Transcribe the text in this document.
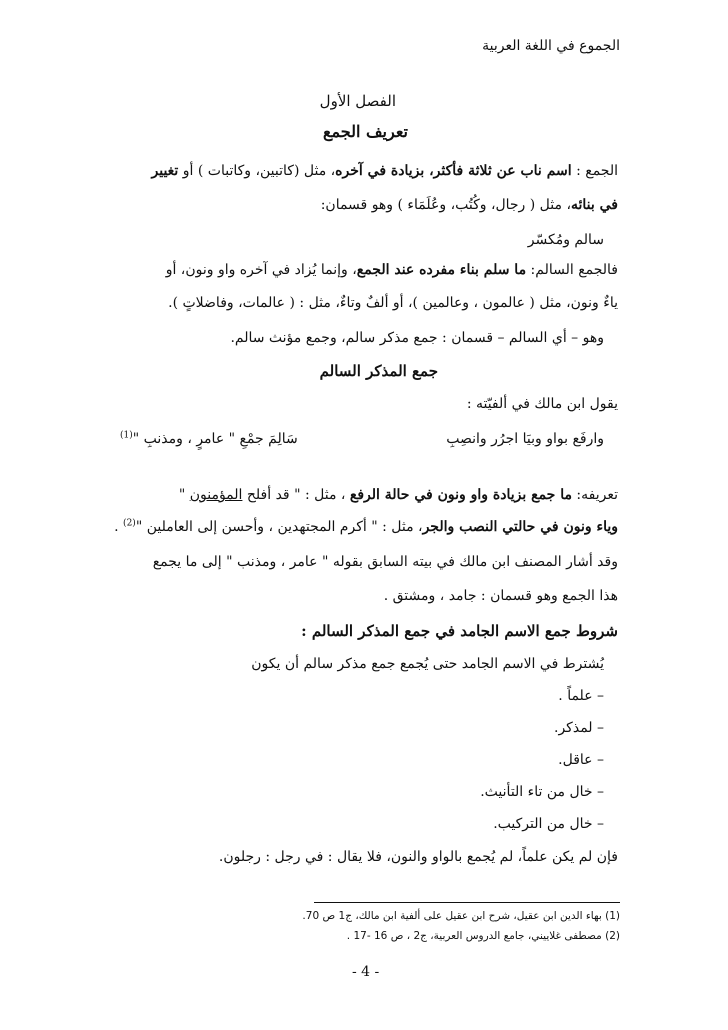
الجموع في اللغة العربية
الفصل الأول
تعريف الجمع
الجمع : اسم ناب عن ثلاثة فأكثر، بزيادة في آخره، مثل (كاتبين، وكاتبات ) أو تغيير
في بنائه، مثل ( رجال، وكُتُب، وعُلَمَاء ) وهو قسمان:
سالم ومُكسّر
فالجمع السالم: ما سلم بناء مفرده عند الجمع، وإنما يُزاد في آخره واو ونون، أو
ياءٌ ونون، مثل ( عالمون ، وعالمين )، أو ألفٌ وتاءٌ، مثل : ( عالمات، وفاضلاتٍ ).
وهو – أي السالم – قسمان : جمع مذكر سالم، وجمع مؤنث سالم.
جمع المذكر السالم
يقول ابن مالك في ألفيّته :
وارفَع بواو وبيَا اجرُر وانصِبِ
سَالِمَ جمْعِ " عامرٍ ، ومذنبِ "$^{(1)}$
تعريفه: ما جمع بزيادة واو ونون في حالة الرفع ، مثل : " قد أفلح المؤمنون "
وياء ونون في حالتي النصب والجر، مثل : " أكرم المجتهدين ، وأحسن إلى العاملين "$^{(2)}$ .
وقد أشار المصنف ابن مالك في بيته السابق بقوله " عامر ، ومذنب " إلى ما يجمع
هذا الجمع وهو قسمان : جامد ، ومشتق .
شروط جمع الاسم الجامد في جمع المذكر السالم :
يُشترط في الاسم الجامد حتى يُجمع جمع مذكر سالم أن يكون
– علماً .
– لمذكر.
– عاقل.
– خال من تاء التأنيث.
– خال من التركيب.
فإن لم يكن علماً، لم يُجمع بالواو والنون، فلا يقال : في رجل : رجلون.
(1) بهاء الدين ابن عقيل، شرح ابن عقيل على ألفية ابن مالك، ج1 ص 70.
(2) مصطفى غلاييني، جامع الدروس العربية، ج2 ، ص 16 -17 .
- 4 -
